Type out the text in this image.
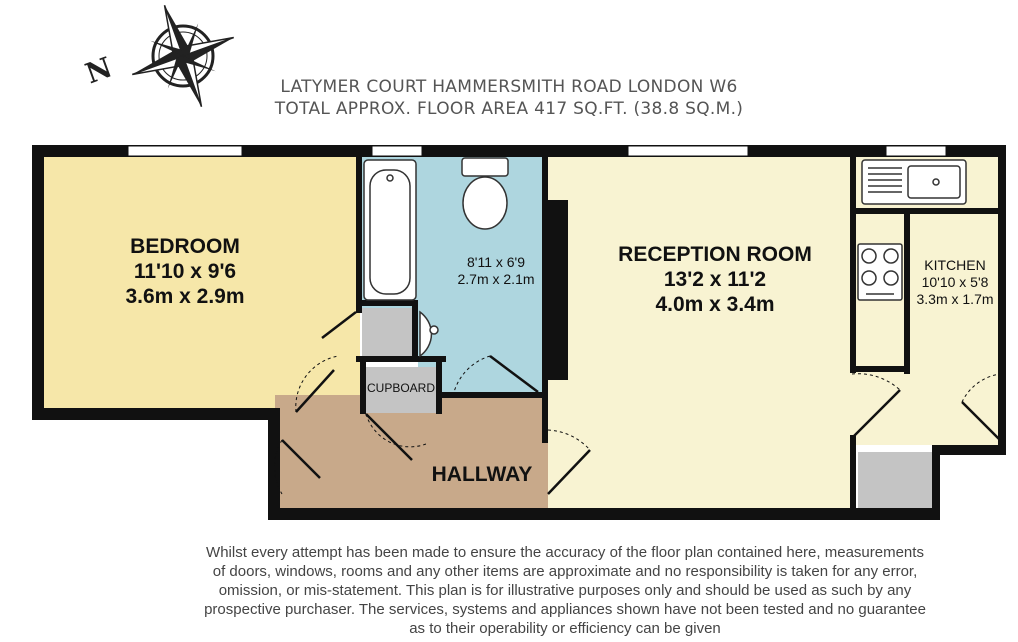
N	LATYMER COURT HAMMERSMITH ROAD LONDON W6
TOTAL APPROX. FLOOR AREA 417 SQ.FT. (38.8 SQ.M.)
BEDROOM
11'10 x 9'6
3.6m x 2.9m
8'11 x 6'9
2.7m x 2.1m
RECEPTION ROOM
13'2 x 11'2
4.0m x 3.4m
KITCHEN
10'10 x 5'8
3.3m x 1.7m
CUPBOARD
HALLWAY
Whilst every attempt has been made to ensure the accuracy of the floor plan contained here, measurements
of doors, windows, rooms and any other items are approximate and no responsibility is taken for any error,
omission, or mis-statement. This plan is for illustrative purposes only and should be used as such by any
prospective purchaser. The services, systems and appliances shown have not been tested and no guarantee
as to their operability or efficiency can be given
